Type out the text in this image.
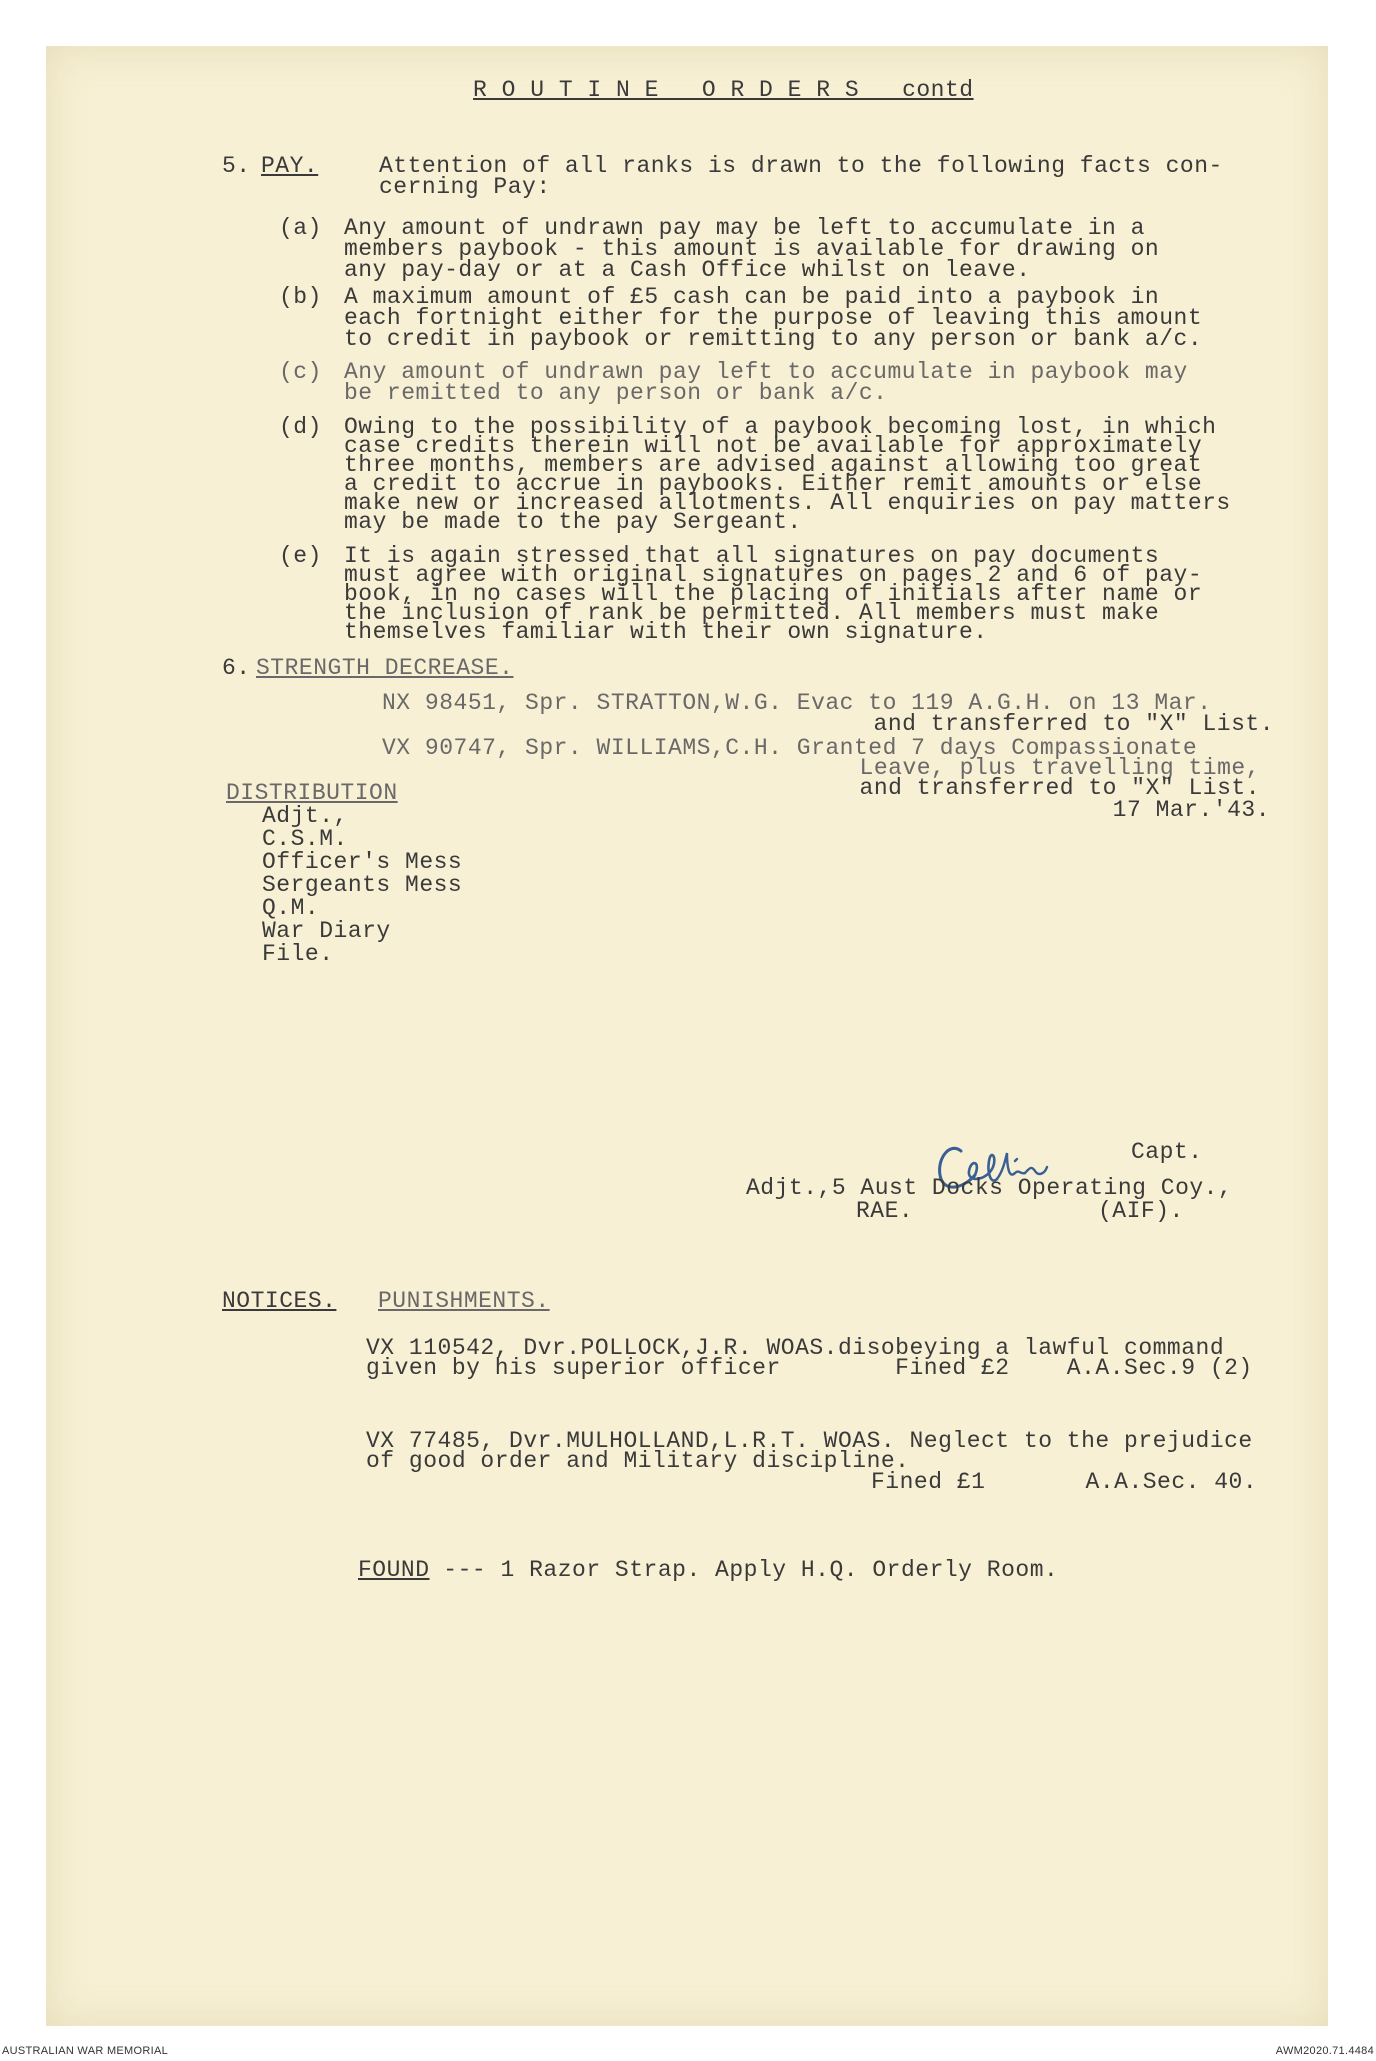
R O U T I N E   O R D E R S   contd
5. PAY.	Attention of all ranks is drawn to the following facts con-
cerning Pay:
(a) Any amount of undrawn pay may be left to accumulate in a
members paybook - this amount is available for drawing on
any pay-day or at a Cash Office whilst on leave.
(b) A maximum amount of £5 cash can be paid into a paybook in
each fortnight either for the purpose of leaving this amount
to credit in paybook or remitting to any person or bank a/c.
(c) Any amount of undrawn pay left to accumulate in paybook may
be remitted to any person or bank a/c.
(d) Owing to the possibility of a paybook becoming lost, in which
case credits therein will not be available for approximately
three months, members are advised against allowing too great
a credit to accrue in paybooks. Either remit amounts or else
make new or increased allotments. All enquiries on pay matters
may be made to the pay Sergeant.
(e) It is again stressed that all signatures on pay documents
must agree with original signatures on pages 2 and 6 of pay-
book, in no cases will the placing of initials after name or
the inclusion of rank be permitted. All members must make
themselves familiar with their own signature.
6. STRENGTH DECREASE.
NX 98451, Spr. STRATTON,W.G. Evac to 119 A.G.H. on 13 Mar.
and transferred to "X" List.
VX 90747, Spr. WILLIAMS,C.H. Granted 7 days Compassionate
Leave, plus travelling time,
and transferred to "X" List.
17 Mar.'43.
DISTRIBUTION
Adjt.,
C.S.M.
Officer's Mess
Sergeants Mess
Q.M.
War Diary
File.
Capt.
Adjt.,5 Aust Docks Operating Coy.,
RAE.	(AIF).
NOTICES. PUNISHMENTS.
VX 110542, Dvr.POLLOCK,J.R. WOAS.disobeying a lawful command
given by his superior officer        Fined £2    A.A.Sec.9 (2)
VX 77485, Dvr.MULHOLLAND,L.R.T. WOAS. Neglect to the prejudice
of good order and Military discipline.
Fined £1       A.A.Sec. 40.
FOUND --- 1 Razor Strap. Apply H.Q. Orderly Room.
AUSTRALIAN WAR MEMORIAL	AWM2020.71.4484
